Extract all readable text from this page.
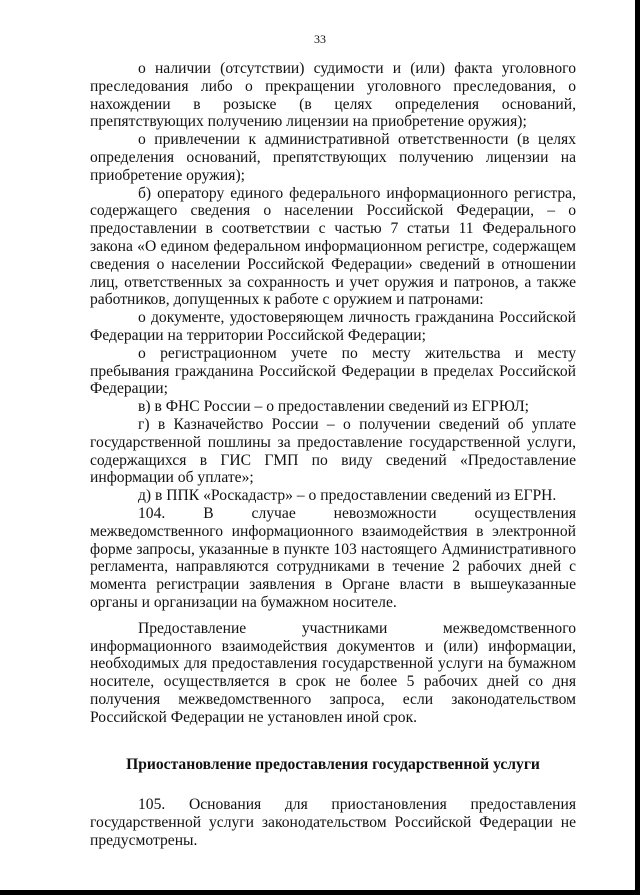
33

о наличии (отсутствии) судимости и (или) факта уголовного преследования либо о прекращении уголовного преследования, о нахождении в розыске (в целях определения оснований, препятствующих получению лицензии на приобретение оружия);

о привлечении к административной ответственности (в целях определения оснований, препятствующих получению лицензии на приобретение оружия);

б) оператору единого федерального информационного регистра, содержащего сведения о населении Российской Федерации, – о предоставлении в соответствии с частью 7 статьи 11 Федерального закона «О едином федеральном информационном регистре, содержащем сведения о населении Российской Федерации» сведений в отношении лиц, ответственных за сохранность и учет оружия и патронов, а также работников, допущенных к работе с оружием и патронами:

о документе, удостоверяющем личность гражданина Российской Федерации на территории Российской Федерации;

о регистрационном учете по месту жительства и месту пребывания гражданина Российской Федерации в пределах Российской Федерации;

в) в ФНС России – о предоставлении сведений из ЕГРЮЛ;

г) в Казначейство России – о получении сведений об уплате государственной пошлины за предоставление государственной услуги, содержащихся в ГИС ГМП по виду сведений «Предоставление информации об уплате»;

д) в ППК «Роскадастр» – о предоставлении сведений из ЕГРН.

104. В случае невозможности осуществления межведомственного информационного взаимодействия в электронной форме запросы, указанные в пункте 103 настоящего Административного регламента, направляются сотрудниками в течение 2 рабочих дней с момента регистрации заявления в Органе власти в вышеуказанные органы и организации на бумажном носителе.

Предоставление участниками межведомственного информационного взаимодействия документов и (или) информации, необходимых для предоставления государственной услуги на бумажном носителе, осуществляется в срок не более 5 рабочих дней со дня получения межведомственного запроса, если законодательством Российской Федерации не установлен иной срок.

Приостановление предоставления государственной услуги

105. Основания для приостановления предоставления государственной услуги законодательством Российской Федерации не предусмотрены.
